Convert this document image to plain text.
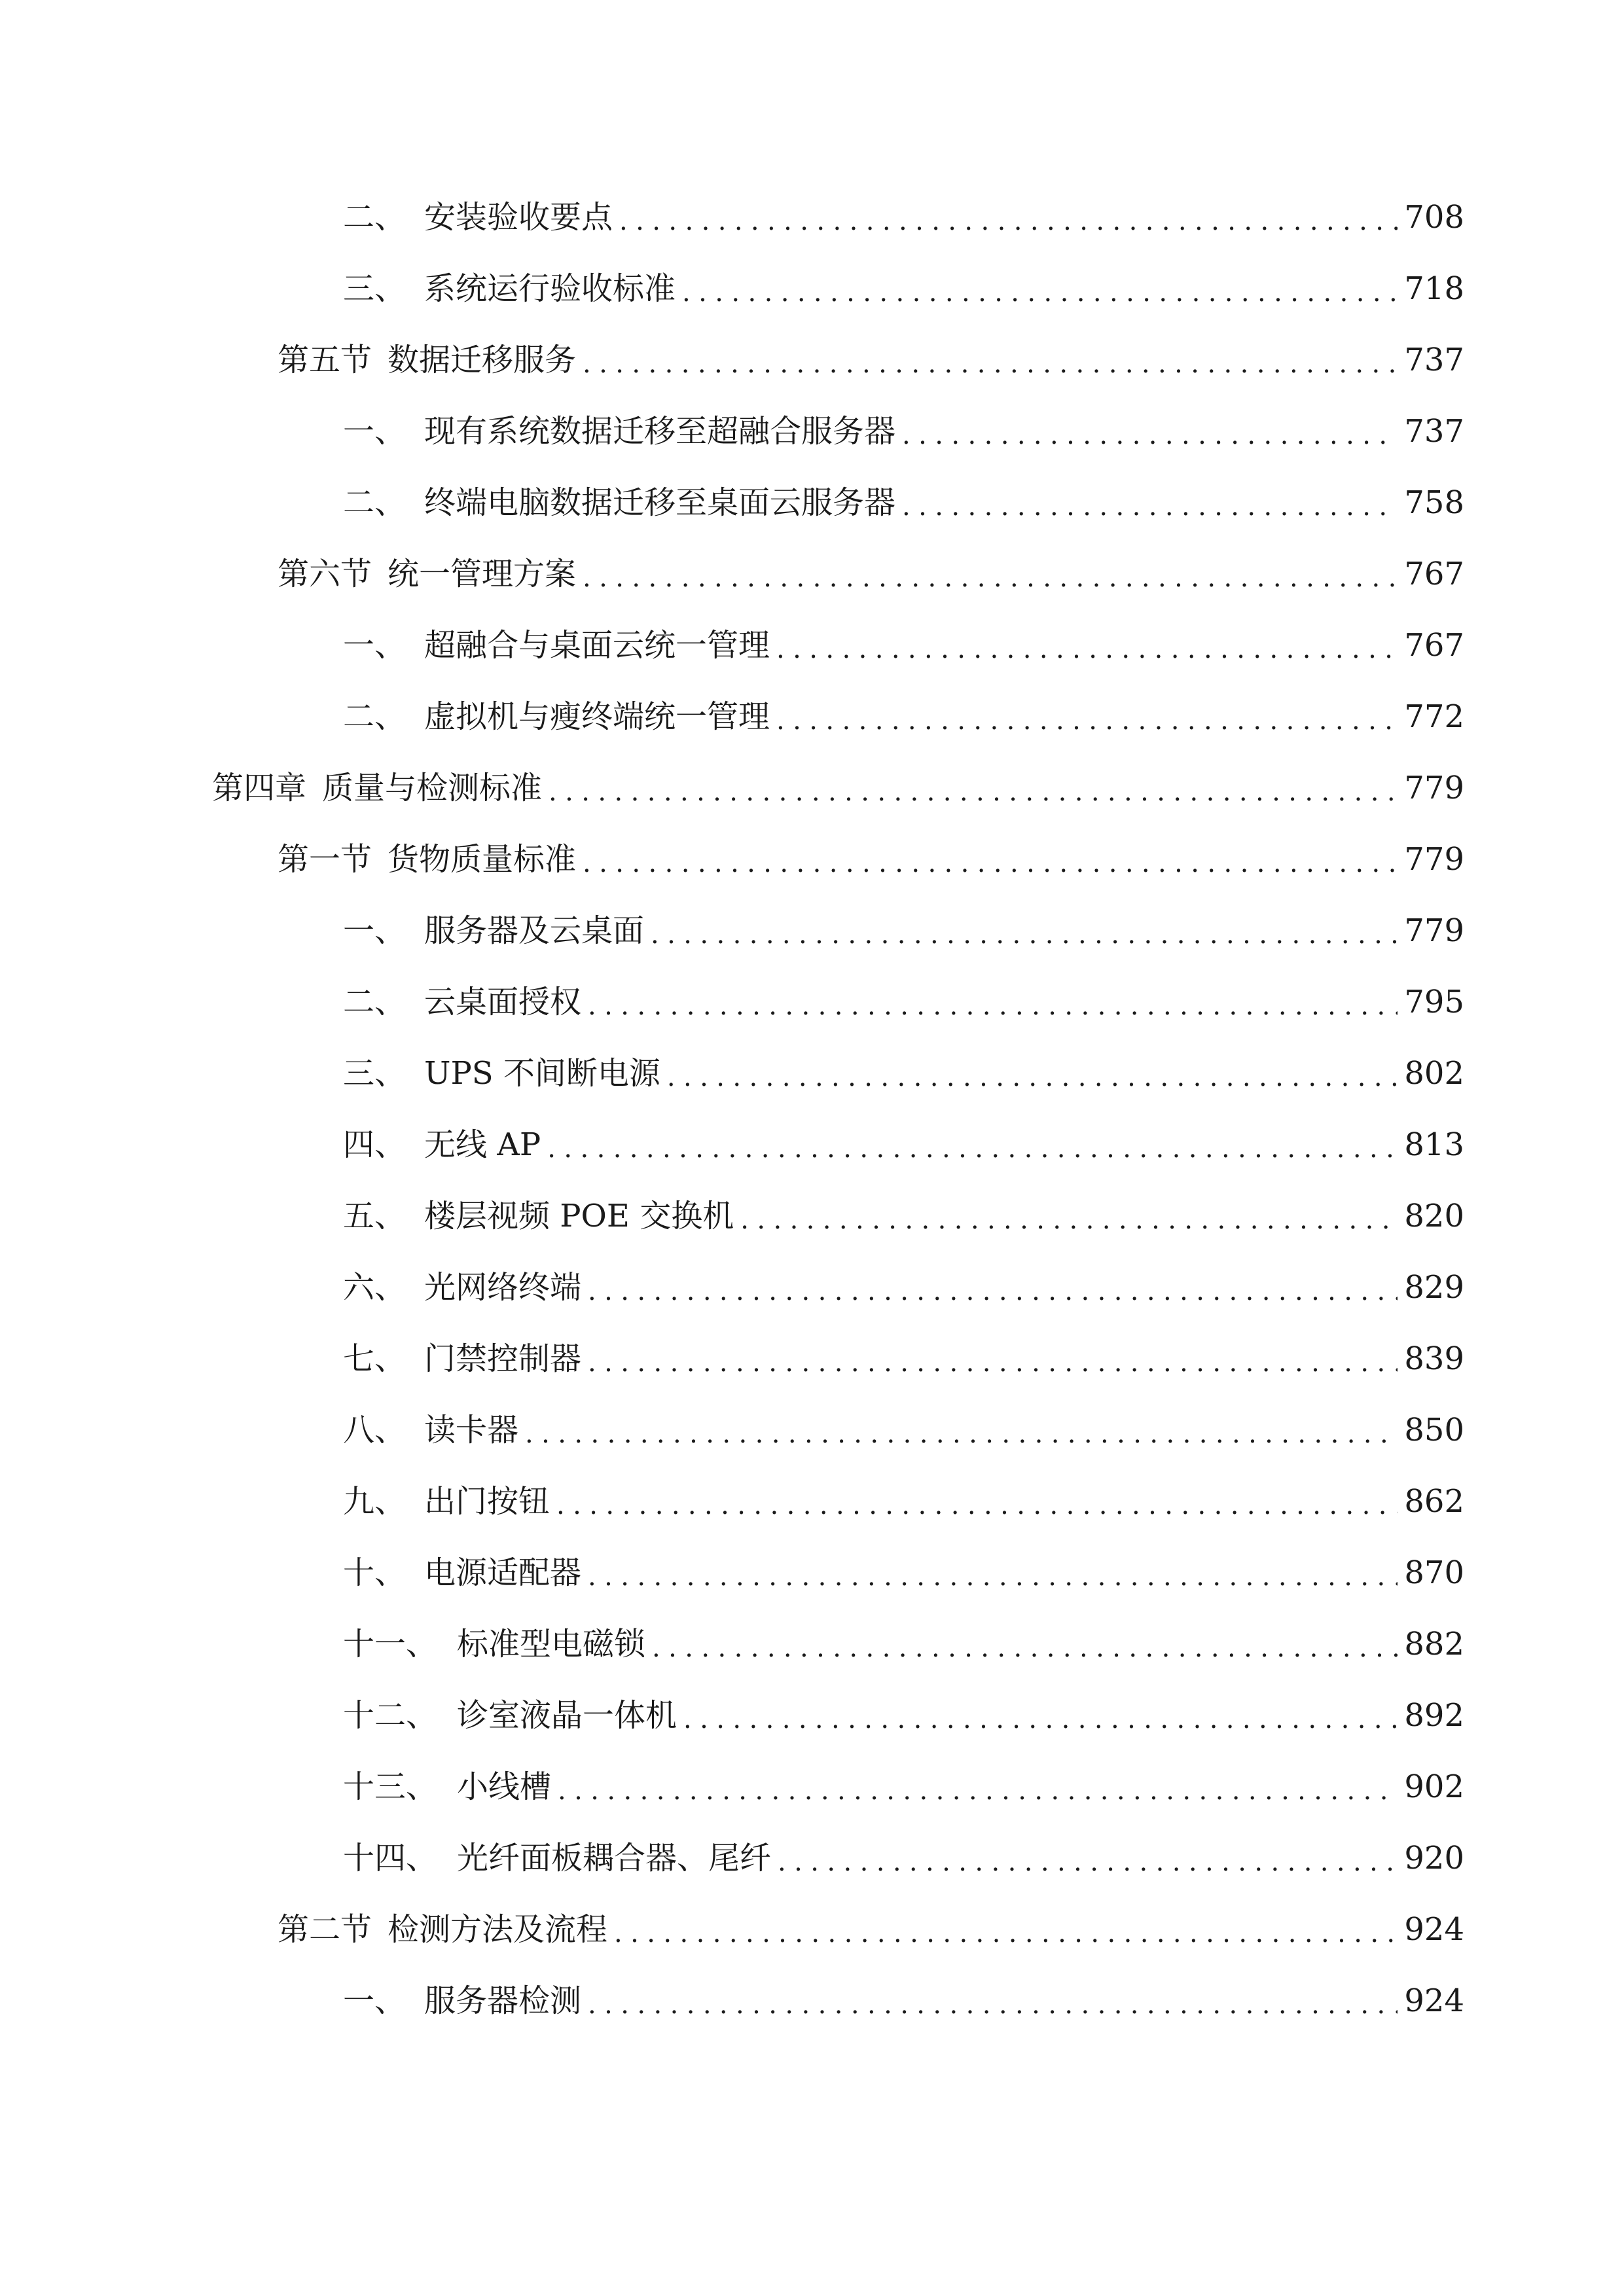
二、 安装验收要点 .....	708
三、 系统运行验收标准 .....	718
第五节 数据迁移服务 .....	737
一、 现有系统数据迁移至超融合服务器 .....	737
二、 终端电脑数据迁移至桌面云服务器 .....	758
第六节 统一管理方案 .....	767
一、 超融合与桌面云统一管理 .....	767
二、 虚拟机与瘦终端统一管理 .....	772
第四章 质量与检测标准 .....	779
第一节 货物质量标准 .....	779
一、 服务器及云桌面 .....	779
二、 云桌面授权 .....	795
三、 UPS 不间断电源 .....	802
四、 无线 AP .....	813
五、 楼层视频 POE 交换机 .....	820
六、 光网络终端 .....	829
七、 门禁控制器 .....	839
八、 读卡器 .....	850
九、 出门按钮 .....	862
十、 电源适配器 .....	870
十一、 标准型电磁锁 .....	882
十二、 诊室液晶一体机 .....	892
十三、 小线槽 .....	902
十四、 光纤面板耦合器、尾纤 .....	920
第二节 检测方法及流程 .....	924
一、 服务器检测 .....	924
